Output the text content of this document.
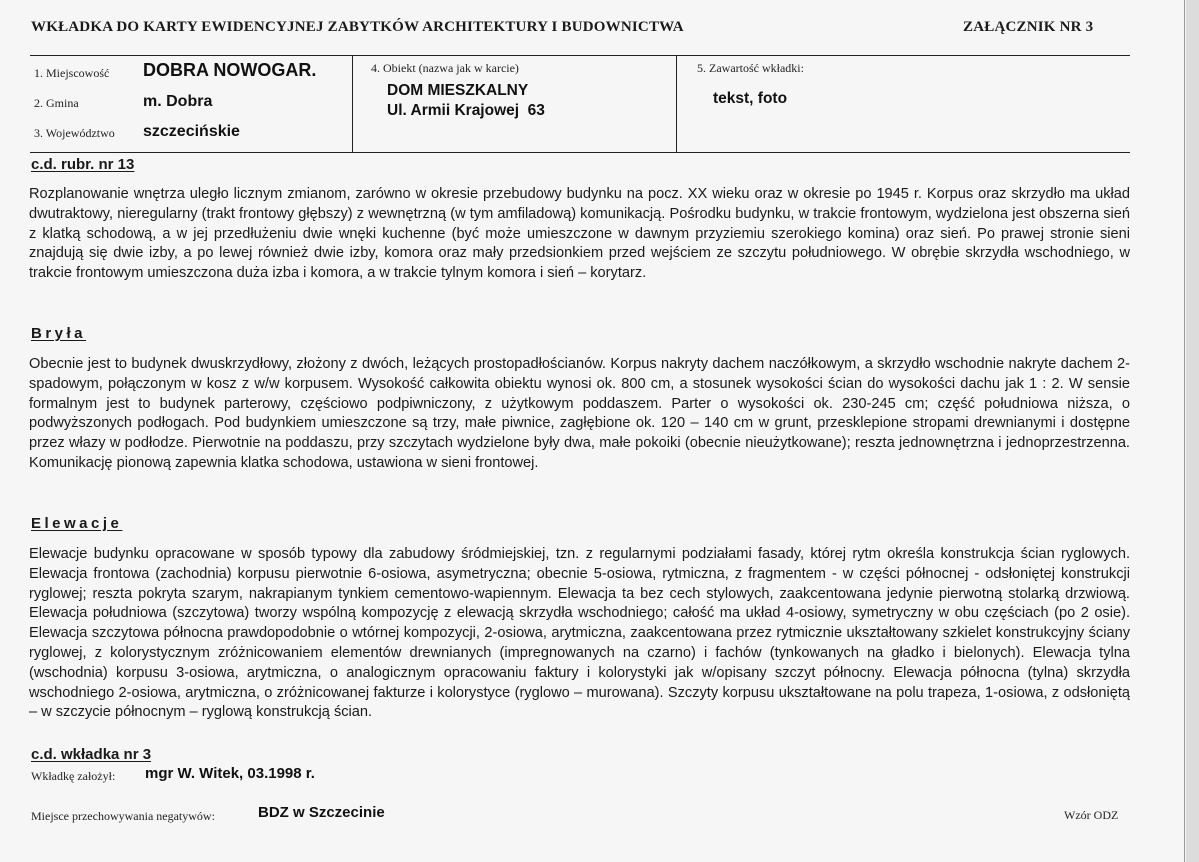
WKŁADKA DO KARTY EWIDENCYJNEJ ZABYTKÓW ARCHITEKTURY I BUDOWNICTWA	ZAŁĄCZNIK NR 3
1. Miejscowość DOBRA NOWOGAR.
2. Gmina	m. Dobra
3. Województwo szczecińskie
4. Obiekt (nazwa jak w karcie)
DOM MIESZKALNY
Ul. Armii Krajowej  63
5. Zawartość wkładki:
tekst, foto
c.d. rubr. nr 13

Rozplanowanie wnętrza uległo licznym zmianom, zarówno w okresie przebudowy budynku na pocz. XX wieku oraz w okresie po 1945 r. Korpus oraz skrzydło ma układ dwutraktowy, nieregularny (trakt frontowy głębszy) z wewnętrzną (w tym amfiladową) komunikacją. Pośrodku budynku, w trakcie frontowym, wydzielona jest obszerna sień z klatką schodową, a w jej przedłużeniu dwie wnęki kuchenne (być może umieszczone w dawnym przyziemiu szerokiego komina) oraz sień. Po prawej stronie sieni znajdują się dwie izby, a po lewej również dwie izby, komora oraz mały przedsionkiem przed wejściem ze szczytu południowego. W obrębie skrzydła wschodniego, w trakcie frontowym umieszczona duża izba i komora, a w trakcie tylnym komora i sień – korytarz.

Bryła

Obecnie jest to budynek dwuskrzydłowy, złożony z dwóch, leżących prostopadłościanów. Korpus nakryty dachem naczółkowym, a skrzydło wschodnie nakryte dachem 2-spadowym, połączonym w kosz z w/w korpusem. Wysokość całkowita obiektu wynosi ok. 800 cm, a stosunek wysokości ścian do wysokości dachu jak 1 : 2. W sensie formalnym jest to budynek parterowy, częściowo podpiwniczony, z użytkowym poddaszem. Parter o wysokości ok. 230-245 cm; część południowa niższa, o podwyższonych podłogach. Pod budynkiem umieszczone są trzy, małe piwnice, zagłębione ok. 120 – 140 cm w grunt, przesklepione stropami drewnianymi i dostępne przez włazy w podłodze. Pierwotnie na poddaszu, przy szczytach wydzielone były dwa, małe pokoiki (obecnie nieużytkowane); reszta jednownętrzna i jednoprzestrzenna. Komunikację pionową zapewnia klatka schodowa, ustawiona w sieni frontowej.

Elewacje

Elewacje budynku opracowane w sposób typowy dla zabudowy śródmiejskiej, tzn. z regularnymi podziałami fasady, której rytm określa konstrukcja ścian ryglowych. Elewacja frontowa (zachodnia) korpusu pierwotnie 6-osiowa, asymetryczna; obecnie 5-osiowa, rytmiczna, z fragmentem - w części północnej - odsłoniętej konstrukcji ryglowej; reszta pokryta szarym, nakrapianym tynkiem cementowo-wapiennym. Elewacja ta bez cech stylowych, zaakcentowana jedynie pierwotną stolarką drzwiową. Elewacja południowa (szczytowa) tworzy wspólną kompozycję z elewacją skrzydła wschodniego; całość ma układ 4-osiowy, symetryczny w obu częściach (po 2 osie). Elewacja szczytowa północna prawdopodobnie o wtórnej kompozycji, 2-osiowa, arytmiczna, zaakcentowana przez rytmicznie ukształtowany szkielet konstrukcyjny ściany ryglowej, z kolorystycznym zróżnicowaniem elementów drewnianych (impregnowanych na czarno) i fachów (tynkowanych na gładko i bielonych). Elewacja tylna (wschodnia) korpusu 3-osiowa, arytmiczna, o analogicznym opracowaniu faktury i kolorystyki jak w/opisany szczyt północny. Elewacja północna (tylna) skrzydła wschodniego 2-osiowa, arytmiczna, o zróżnicowanej fakturze i kolorystyce (ryglowo – murowana). Szczyty korpusu ukształtowane na polu trapeza, 1-osiowa, z odsłoniętą – w szczycie północnym – ryglową konstrukcją ścian.

c.d. wkładka nr 3
Wkładkę założył: mgr W. Witek, 03.1998 r.
Miejsce przechowywania negatywów:	BDZ w Szczecinie	Wzór ODZ
